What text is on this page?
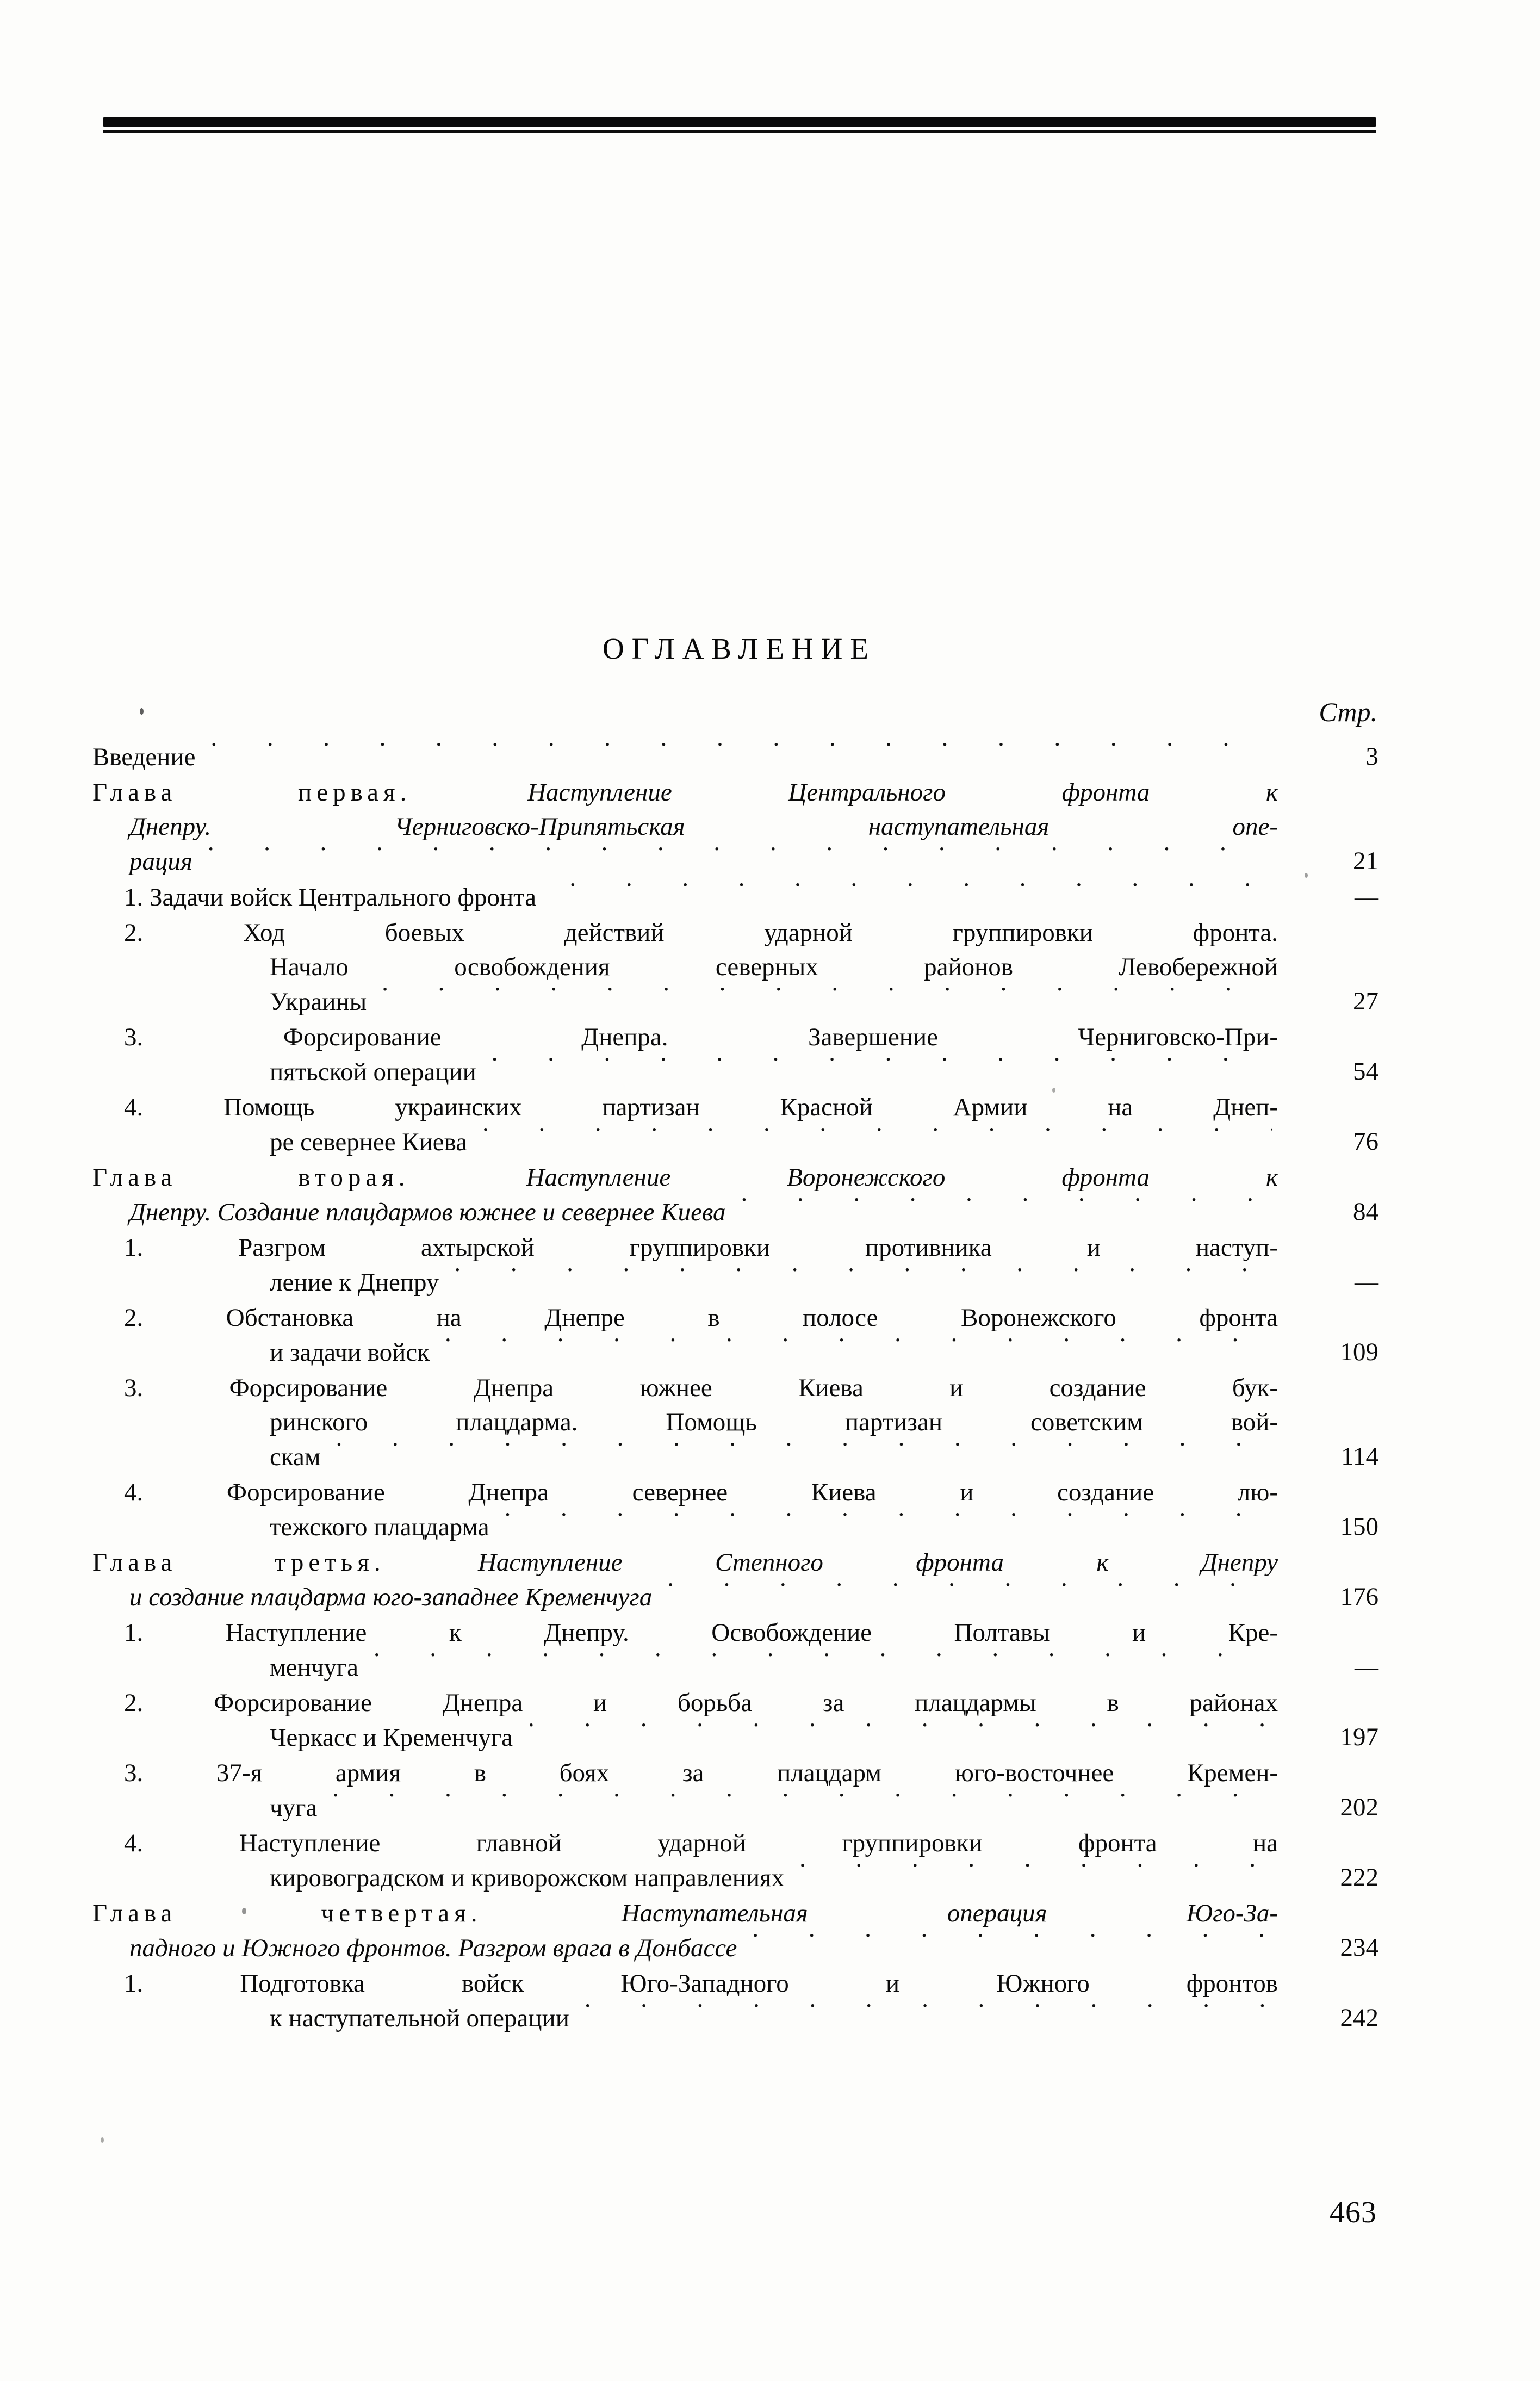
ОГЛАВЛЕНИЕ
Стр.
Введение · · ·	3
Глава первая.	Наступление Центрального фронта к
Днепру. Черниговско-Припятьская наступательная опе-
рация · · ·	21
1. Задачи войск Центрального фронта · · ·	—
2. Ход боевых действий ударной группировки фронта.
Начало освобождения северных районов Левобережной
Украины · · ·	27
3. Форсирование Днепра. Завершение Черниговско-При-
пятьской операции · · ·	54
4. Помощь украинских партизан Красной Армии на Днеп-
ре севернее Киева · · ·	76
Глава вторая.	Наступление Воронежского фронта к
Днепру. Создание плацдармов южнее и севернее Киева · · ·	84
1. Разгром ахтырской группировки противника и наступ-
ление к Днепру · · ·	—
2. Обстановка на Днепре в полосе Воронежского фронта
и задачи войск · · ·	109
3. Форсирование Днепра южнее Киева и создание бук-
ринского плацдарма. Помощь партизан советским вой-
скам · · ·	114
4. Форсирование Днепра севернее Киева и создание лю-
тежского плацдарма · · ·	150
Глава третья.	Наступление Степного фронта к Днепру
и создание плацдарма юго-западнее Кременчуга · · ·	176
1. Наступление к Днепру. Освобождение Полтавы и Кре-
менчуга · · ·	—
2. Форсирование Днепра и борьба за плацдармы в районах
Черкасс и Кременчуга · · ·	197
3. 37-я армия в боях за плацдарм юго-восточнее Кремен-
чуга · · ·	202
4. Наступление главной ударной группировки фронта на
кировоградском и криворожском направлениях · · ·	222
Глава четвертая.	Наступательная операция Юго-За-
падного и Южного фронтов. Разгром врага в Донбассе · · ·	234
1. Подготовка войск Юго-Западного и Южного фронтов
к наступательной операции · · ·	242
463
